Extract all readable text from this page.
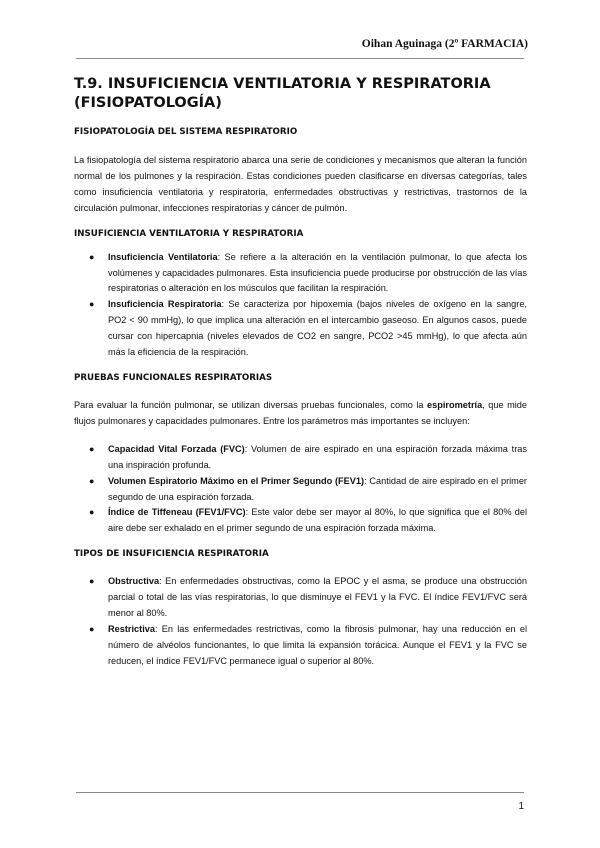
Oihan Aguinaga (2º FARMACIA)
T.9. INSUFICIENCIA VENTILATORIA Y RESPIRATORIA (FISIOPATOLOGÍA)
FISIOPATOLOGÍA DEL SISTEMA RESPIRATORIO

La fisiopatología del sistema respiratorio abarca una serie de condiciones y mecanismos que alteran la función normal de los pulmones y la respiración. Estas condiciones pueden clasificarse en diversas categorías, tales como insuficiencia ventilatoria y respiratoria, enfermedades obstructivas y restrictivas, trastornos de la circulación pulmonar, infecciones respiratorias y cáncer de pulmón.

INSUFICIENCIA VENTILATORIA Y RESPIRATORIA
● Insuficiencia Ventilatoria: Se refiere a la alteración en la ventilación pulmonar, lo que afecta los volúmenes y capacidades pulmonares. Esta insuficiencia puede producirse por obstrucción de las vías respiratorias o alteración en los músculos que facilitan la respiración.
● Insuficiencia Respiratoria: Se caracteriza por hipoxemia (bajos niveles de oxígeno en la sangre, PO2 < 90 mmHg), lo que implica una alteración en el intercambio gaseoso. En algunos casos, puede cursar con hipercapnia (niveles elevados de CO2 en sangre, PCO2 >45 mmHg), lo que afecta aún más la eficiencia de la respiración.
PRUEBAS FUNCIONALES RESPIRATORIAS

Para evaluar la función pulmonar, se utilizan diversas pruebas funcionales, como la espirometría, que mide flujos pulmonares y capacidades pulmonares. Entre los parámetros más importantes se incluyen:

● Capacidad Vital Forzada (FVC): Volumen de aire espirado en una espiración forzada máxima tras una inspiración profunda.
● Volumen Espiratorio Máximo en el Primer Segundo (FEV1): Cantidad de aire espirado en el primer segundo de una espiración forzada.
● Índice de Tiffeneau (FEV1/FVC): Este valor debe ser mayor al 80%, lo que significa que el 80% del aire debe ser exhalado en el primer segundo de una espiración forzada máxima.
TIPOS DE INSUFICIENCIA RESPIRATORIA
● Obstructiva: En enfermedades obstructivas, como la EPOC y el asma, se produce una obstrucción parcial o total de las vías respiratorias, lo que disminuye el FEV1 y la FVC. El índice FEV1/FVC será menor al 80%.
● Restrictiva: En las enfermedades restrictivas, como la fibrosis pulmonar, hay una reducción en el número de alvéolos funcionantes, lo que limita la expansión torácica. Aunque el FEV1 y la FVC se reducen, el índice FEV1/FVC permanece igual o superior al 80%.
1
